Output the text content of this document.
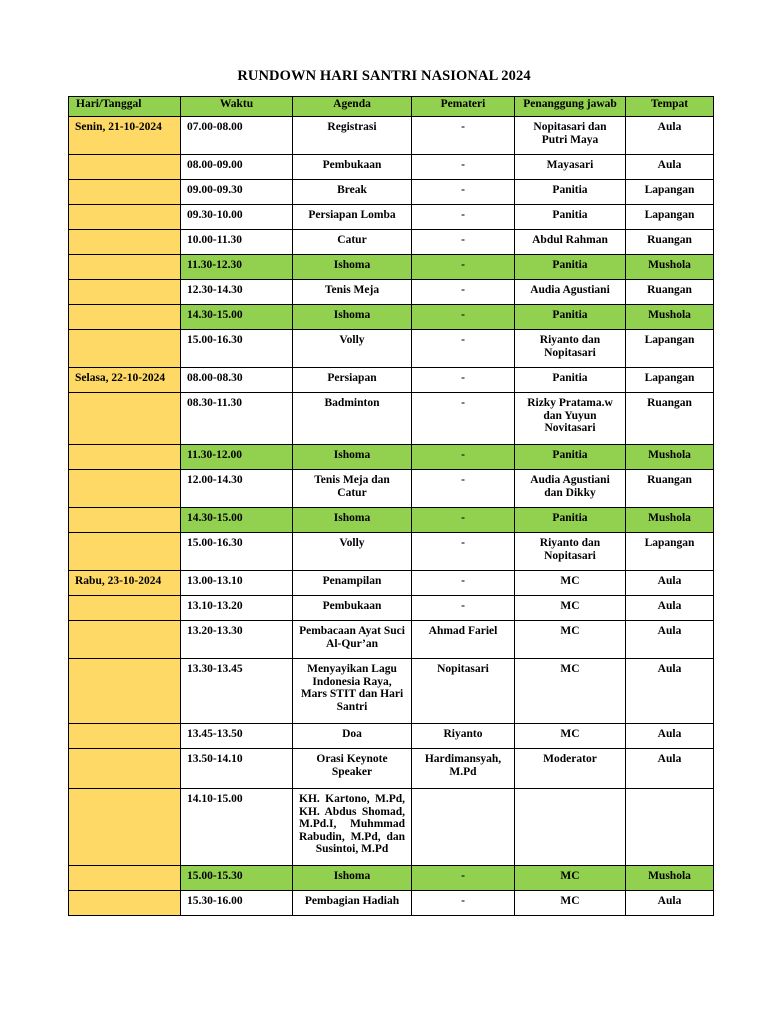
RUNDOWN HARI SANTRI NASIONAL 2024
Hari/Tanggal	Waktu	Agenda	Pemateri	Penanggung jawab	Tempat
Senin, 21-10-2024	07.00-08.00	Registrasi	-	Nopitasari dan Putri Maya	Aula
	08.00-09.00	Pembukaan	-	Mayasari	Aula
	09.00-09.30	Break	-	Panitia	Lapangan
	09.30-10.00	Persiapan Lomba	-	Panitia	Lapangan
	10.00-11.30	Catur	-	Abdul Rahman	Ruangan
	11.30-12.30	Ishoma	-	Panitia	Mushola
	12.30-14.30	Tenis Meja	-	Audia Agustiani	Ruangan
	14.30-15.00	Ishoma	-	Panitia	Mushola
	15.00-16.30	Volly	-	Riyanto dan Nopitasari	Lapangan
Selasa, 22-10-2024	08.00-08.30	Persiapan	-	Panitia	Lapangan
	08.30-11.30	Badminton	-	Rizky Pratama.w dan Yuyun Novitasari	Ruangan
	11.30-12.00	Ishoma	-	Panitia	Mushola
	12.00-14.30	Tenis Meja dan Catur	-	Audia Agustiani dan Dikky	Ruangan
	14.30-15.00	Ishoma	-	Panitia	Mushola
	15.00-16.30	Volly	-	Riyanto dan Nopitasari	Lapangan
Rabu, 23-10-2024	13.00-13.10	Penampilan	-	MC	Aula
	13.10-13.20	Pembukaan	-	MC	Aula
	13.20-13.30	Pembacaan Ayat Suci Al-Qur’an	Ahmad Fariel	MC	Aula
	13.30-13.45	Menyayikan Lagu Indonesia Raya, Mars STIT dan Hari Santri	Nopitasari	MC	Aula
	13.45-13.50	Doa	Riyanto	MC	Aula
	13.50-14.10	Orasi Keynote Speaker	Hardimansyah, M.Pd	Moderator	Aula
	14.10-15.00	KH. Kartono, M.Pd, KH. Abdus Shomad, M.Pd.I, Muhmmad Rabudin, M.Pd, dan Susintoi, M.Pd			
	15.00-15.30	Ishoma	-	MC	Mushola
	15.30-16.00	Pembagian Hadiah	-	MC	Aula
